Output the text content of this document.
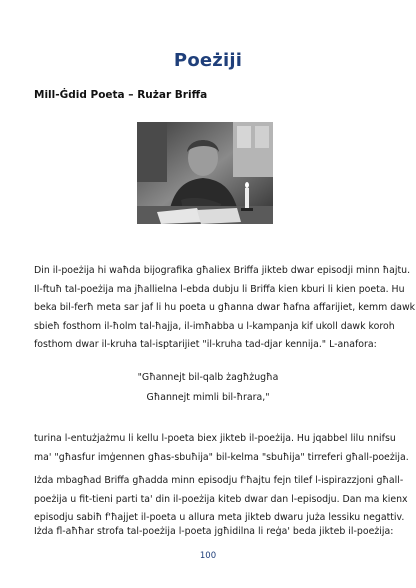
Poeżiji
Mill-Ġdid Poeta – Rużar Briffa
Din il-poeżija hi waħda bijografika għaliex Briffa jikteb dwar episodji minn ħajtu.
Il-ftuħ tal-poeżija ma jħallielna l-ebda dubju li Briffa kien kburi li kien poeta. Hu
beka bil-ferħ meta sar jaf li hu poeta u għanna dwar ħafna affarijiet, kemm dawk
sbieħ fosthom il-ħolm tal-ħajja, il-imħabba u l-kampanja kif ukoll dawk koroh
fosthom dwar il-kruha tal-isptarijiet "il-kruha tad-djar kennija." L-anafora:
"Għannejt bil-qalb żagħżugħa
Għannejt mimli bil-ħrara,"
turina l-entużjażmu li kellu l-poeta biex jikteb il-poeżija. Hu jqabbel lilu nnifsu
ma' "għasfur imġennen għas-sbuħija" bil-kelma "sbuħija" tirreferi għall-poeżija.
Iżda mbagħad Briffa għadda minn episodju f'ħajtu fejn tilef l-ispirazzjoni għall-
poeżija u fit-tieni parti ta' din il-poeżija kiteb dwar dan l-episodju. Dan ma kienx
episodju sabiħ f'ħajjet il-poeta u allura meta jikteb dwaru juża lessiku negattiv.
Iżda fl-aħħar strofa tal-poeżija l-poeta jgħidilna li reġa' beda jikteb il-poeżija:
100
